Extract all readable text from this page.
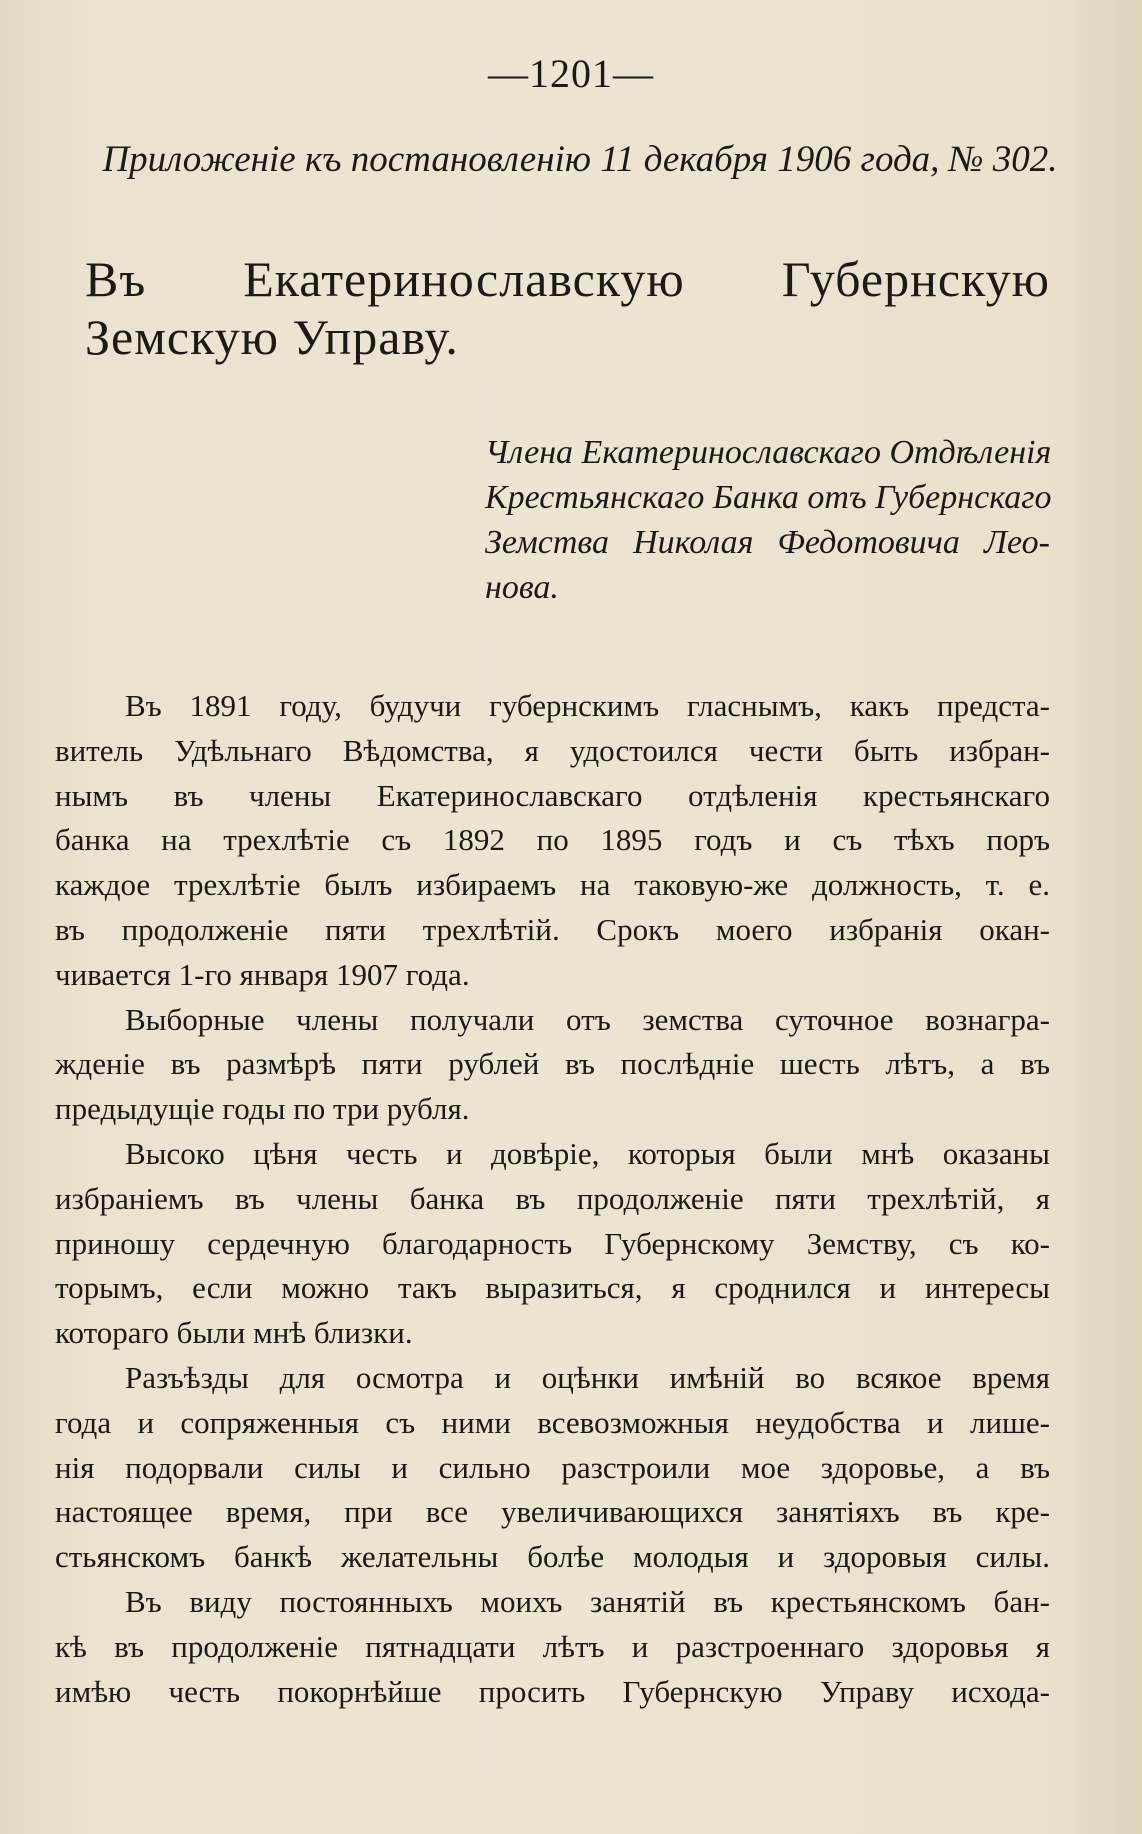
—1201—
Приложеніе къ постановленію 11 декабря 1906 года, № 302.
Въ Екатеринославскую Губернскую Земскую Управу.
Члена Екатеринославскаго Отдѣленія
Крестьянскаго Банка отъ Губернскаго
Земства Николая Федотовича Лео-
нова.
Въ 1891 году, будучи губернскимъ гласнымъ, какъ предста-
витель Удѣльнаго Вѣдомства, я удостоился чести быть избран-
нымъ въ члены Екатеринославскаго отдѣленія крестьянскаго
банка на трехлѣтіе съ 1892 по 1895 годъ и съ тѣхъ поръ
каждое трехлѣтіе былъ избираемъ на таковую-же должность, т. е.
въ продолженіе пяти трехлѣтій. Срокъ моего избранія окан-
чивается 1-го января 1907 года.
Выборные члены получали отъ земства суточное вознагра-
жденіе въ размѣрѣ пяти рублей въ послѣдніе шесть лѣтъ, а въ
предыдущіе годы по три рубля.
Высоко цѣня честь и довѣріе, которыя были мнѣ оказаны
избраніемъ въ члены банка въ продолженіе пяти трехлѣтій, я
приношу сердечную благодарность Губернскому Земству, съ ко-
торымъ, если можно такъ выразиться, я сроднился и интересы
котораго были мнѣ близки.
Разъѣзды для осмотра и оцѣнки имѣній во всякое время
года и сопряженныя съ ними всевозможныя неудобства и лише-
нія подорвали силы и сильно разстроили мое здоровье, а въ
настоящее время, при все увеличивающихся занятіяхъ въ кре-
стьянскомъ банкѣ желательны болѣе молодыя и здоровыя силы.
Въ виду постоянныхъ моихъ занятій въ крестьянскомъ бан-
кѣ въ продолженіе пятнадцати лѣтъ и разстроеннаго здоровья я
имѣю честь покорнѣйше просить Губернскую Управу исхода-
